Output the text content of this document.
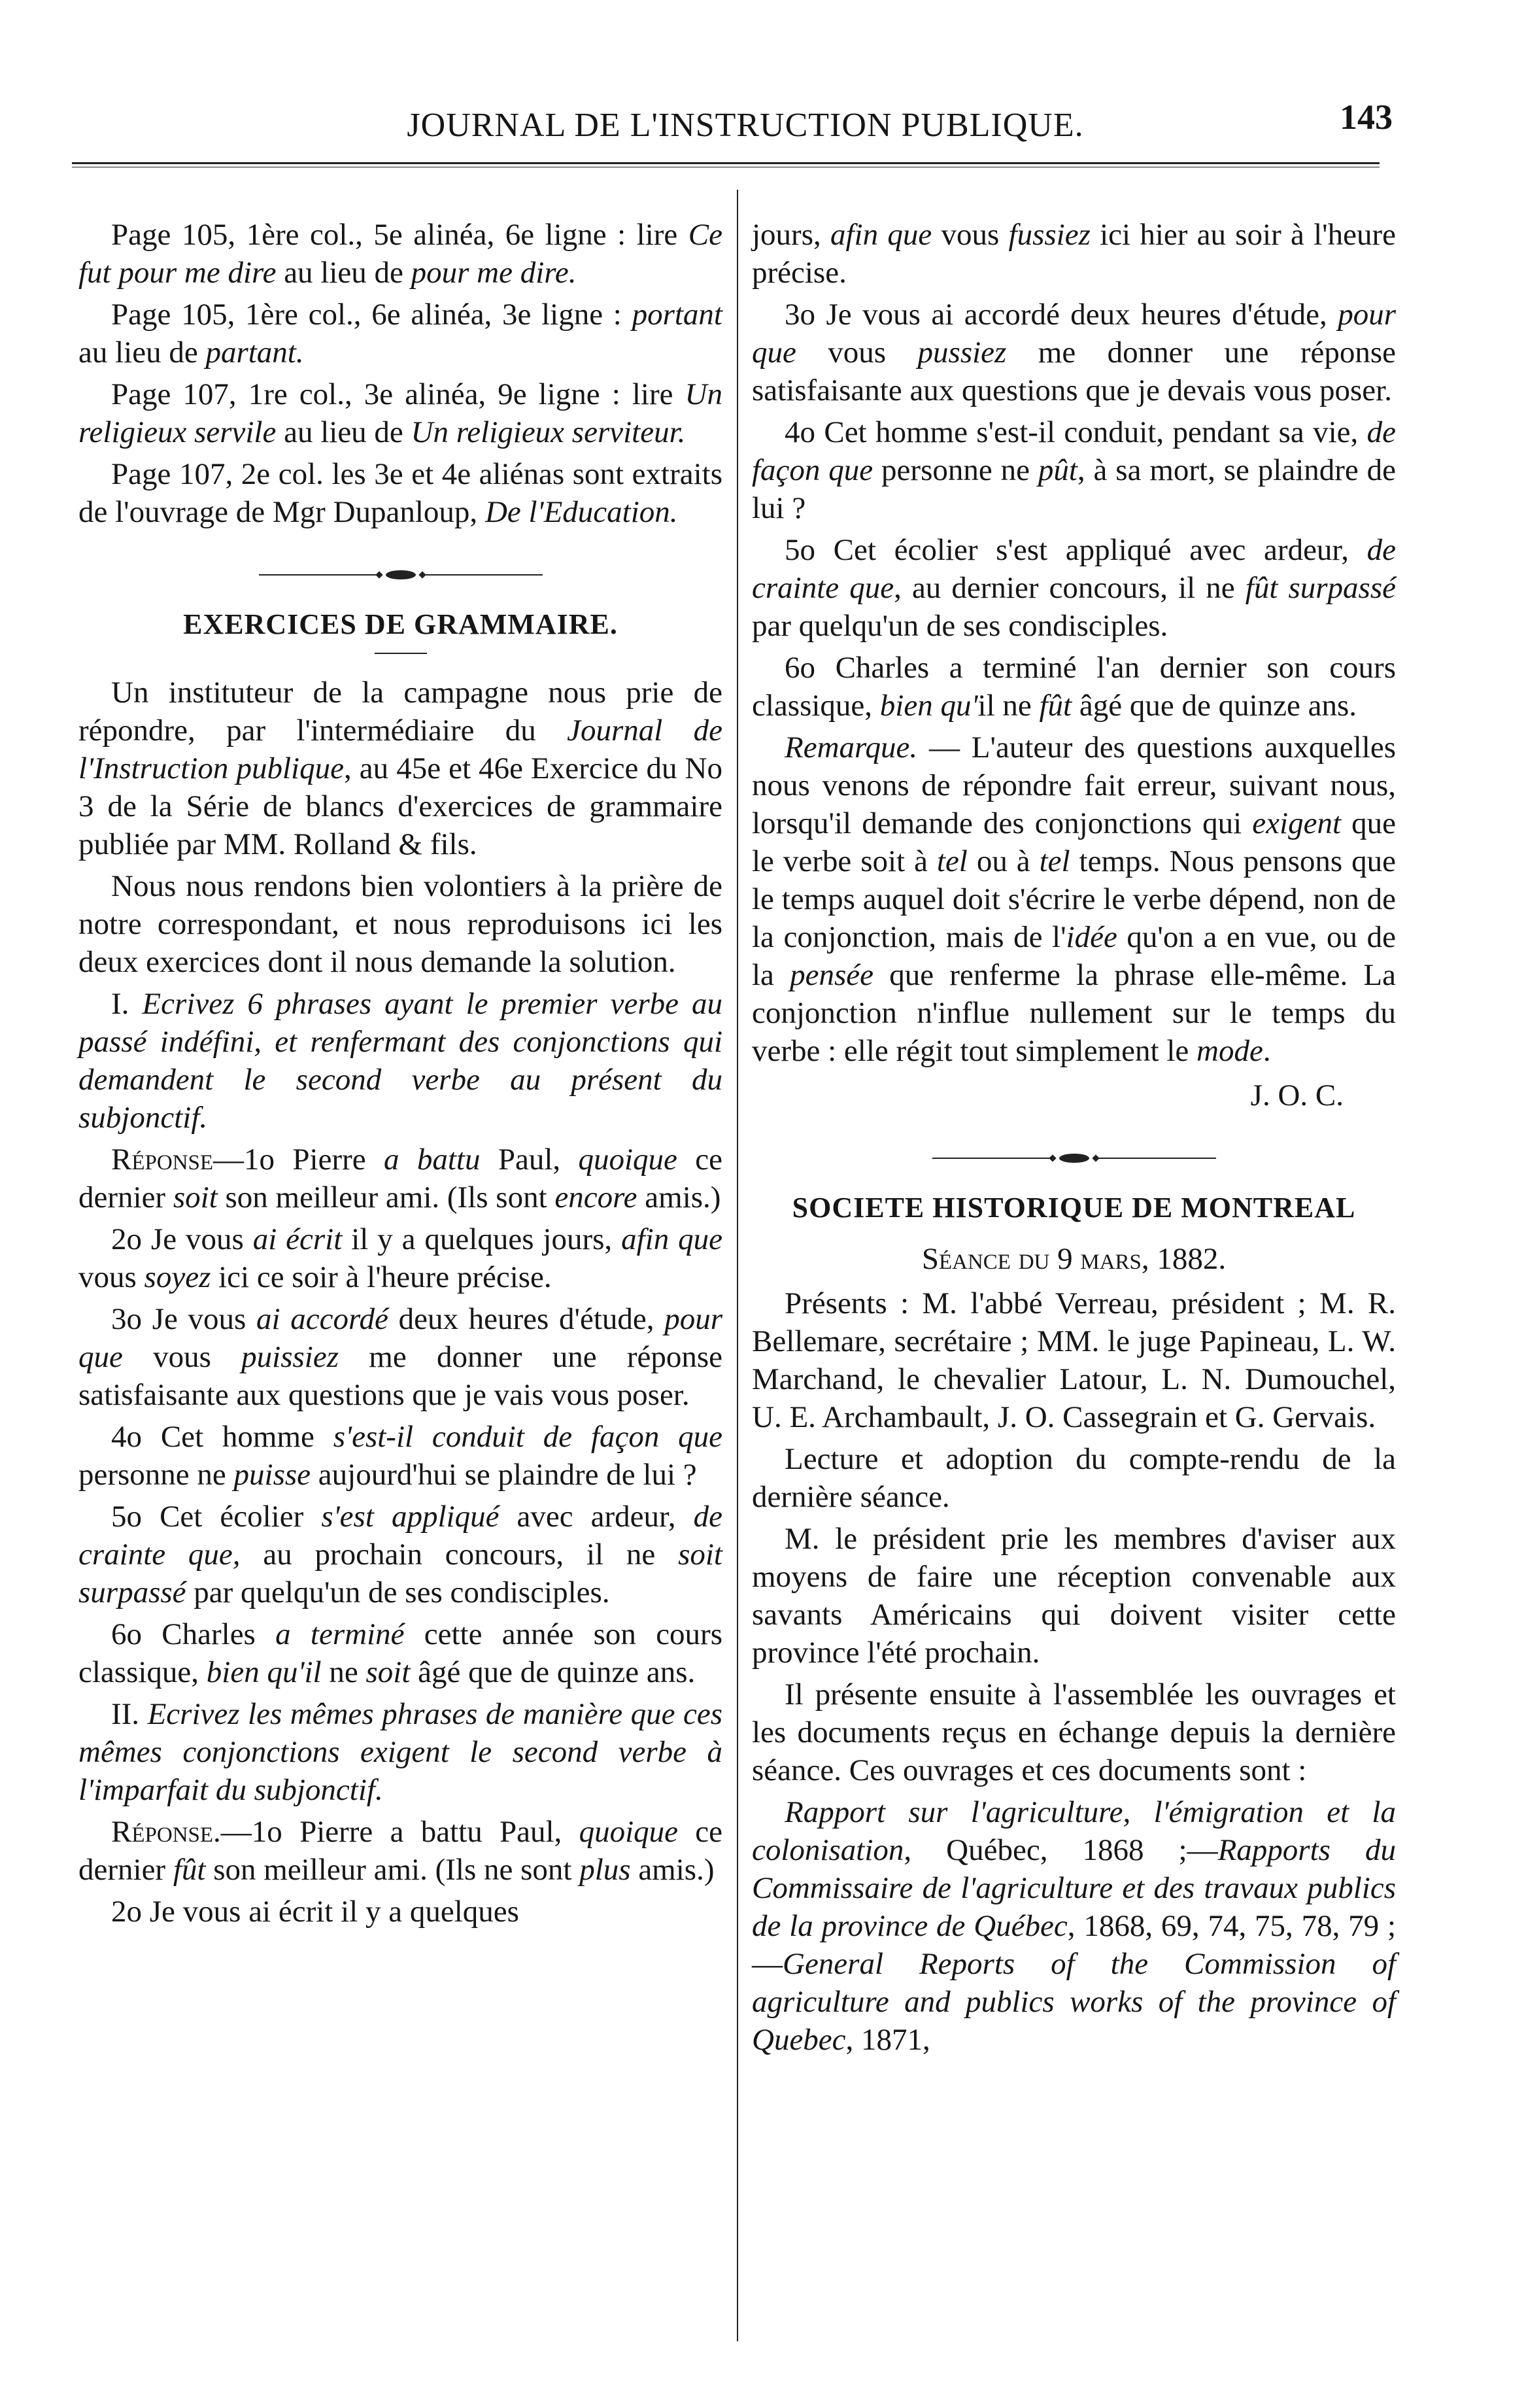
JOURNAL DE L'INSTRUCTION PUBLIQUE.	143

Page 105, 1ère col., 5e alinéa, 6e ligne : lire Ce fut pour me dire au lieu de pour me dire.

Page 105, 1ère col., 6e alinéa, 3e ligne : portant au lieu de partant.

Page 107, 1re col., 3e alinéa, 9e ligne : lire Un religieux servile au lieu de Un religieux serviteur.

Page 107, 2e col. les 3e et 4e aliénas sont extraits de l'ouvrage de Mgr Dupanloup, De l'Education.

EXERCICES DE GRAMMAIRE.

Un instituteur de la campagne nous prie de répondre, par l'intermédiaire du Journal de l'Instruction publique, au 45e et 46e Exercice du No 3 de la Série de blancs d'exercices de grammaire publiée par MM. Rolland & fils.

Nous nous rendons bien volontiers à la prière de notre correspondant, et nous reproduisons ici les deux exercices dont il nous demande la solution.

I. Ecrivez 6 phrases ayant le premier verbe au passé indéfini, et renfermant des conjonctions qui demandent le second verbe au présent du subjonctif.

Réponse—1o Pierre a battu Paul, quoique ce dernier soit son meilleur ami. (Ils sont encore amis.)

2o Je vous ai écrit il y a quelques jours, afin que vous soyez ici ce soir à l'heure précise.

3o Je vous ai accordé deux heures d'étude, pour que vous puissiez me donner une réponse satisfaisante aux questions que je vais vous poser.

4o Cet homme s'est-il conduit de façon que personne ne puisse aujourd'hui se plaindre de lui ?

5o Cet écolier s'est appliqué avec ardeur, de crainte que, au prochain concours, il ne soit surpassé par quelqu'un de ses condisciples.

6o Charles a terminé cette année son cours classique, bien qu'il ne soit âgé que de quinze ans.

II. Ecrivez les mêmes phrases de manière que ces mêmes conjonctions exigent le second verbe à l'imparfait du subjonctif.

Réponse.—1o Pierre a battu Paul, quoique ce dernier fût son meilleur ami. (Ils ne sont plus amis.)

2o Je vous ai écrit il y a quelques

jours, afin que vous fussiez ici hier au soir à l'heure précise.

3o Je vous ai accordé deux heures d'étude, pour que vous pussiez me donner une réponse satisfaisante aux questions que je devais vous poser.

4o Cet homme s'est-il conduit, pendant sa vie, de façon que personne ne pût, à sa mort, se plaindre de lui ?

5o Cet écolier s'est appliqué avec ardeur, de crainte que, au dernier concours, il ne fût surpassé par quelqu'un de ses condisciples.

6o Charles a terminé l'an dernier son cours classique, bien qu'il ne fût âgé que de quinze ans.

Remarque. — L'auteur des questions auxquelles nous venons de répondre fait erreur, suivant nous, lorsqu'il demande des conjonctions qui exigent que le verbe soit à tel ou à tel temps. Nous pensons que le temps auquel doit s'écrire le verbe dépend, non de la conjonction, mais de l'idée qu'on a en vue, ou de la pensée que renferme la phrase elle-même. La conjonction n'influe nullement sur le temps du verbe : elle régit tout simplement le mode.

J. O. C.

SOCIETE HISTORIQUE DE MONTREAL

Séance du 9 mars, 1882.

Présents : M. l'abbé Verreau, président ; M. R. Bellemare, secrétaire ; MM. le juge Papineau, L. W. Marchand, le chevalier Latour, L. N. Dumouchel, U. E. Archambault, J. O. Cassegrain et G. Gervais.

Lecture et adoption du compte-rendu de la dernière séance.

M. le président prie les membres d'aviser aux moyens de faire une réception convenable aux savants Américains qui doivent visiter cette province l'été prochain.

Il présente ensuite à l'assemblée les ouvrages et les documents reçus en échange depuis la dernière séance. Ces ouvrages et ces documents sont :

Rapport sur l'agriculture, l'émigration et la colonisation, Québec, 1868 ;—Rapports du Commissaire de l'agriculture et des travaux publics de la province de Québec, 1868, 69, 74, 75, 78, 79 ;—General Reports of the Commission of agriculture and publics works of the province of Quebec, 1871,
